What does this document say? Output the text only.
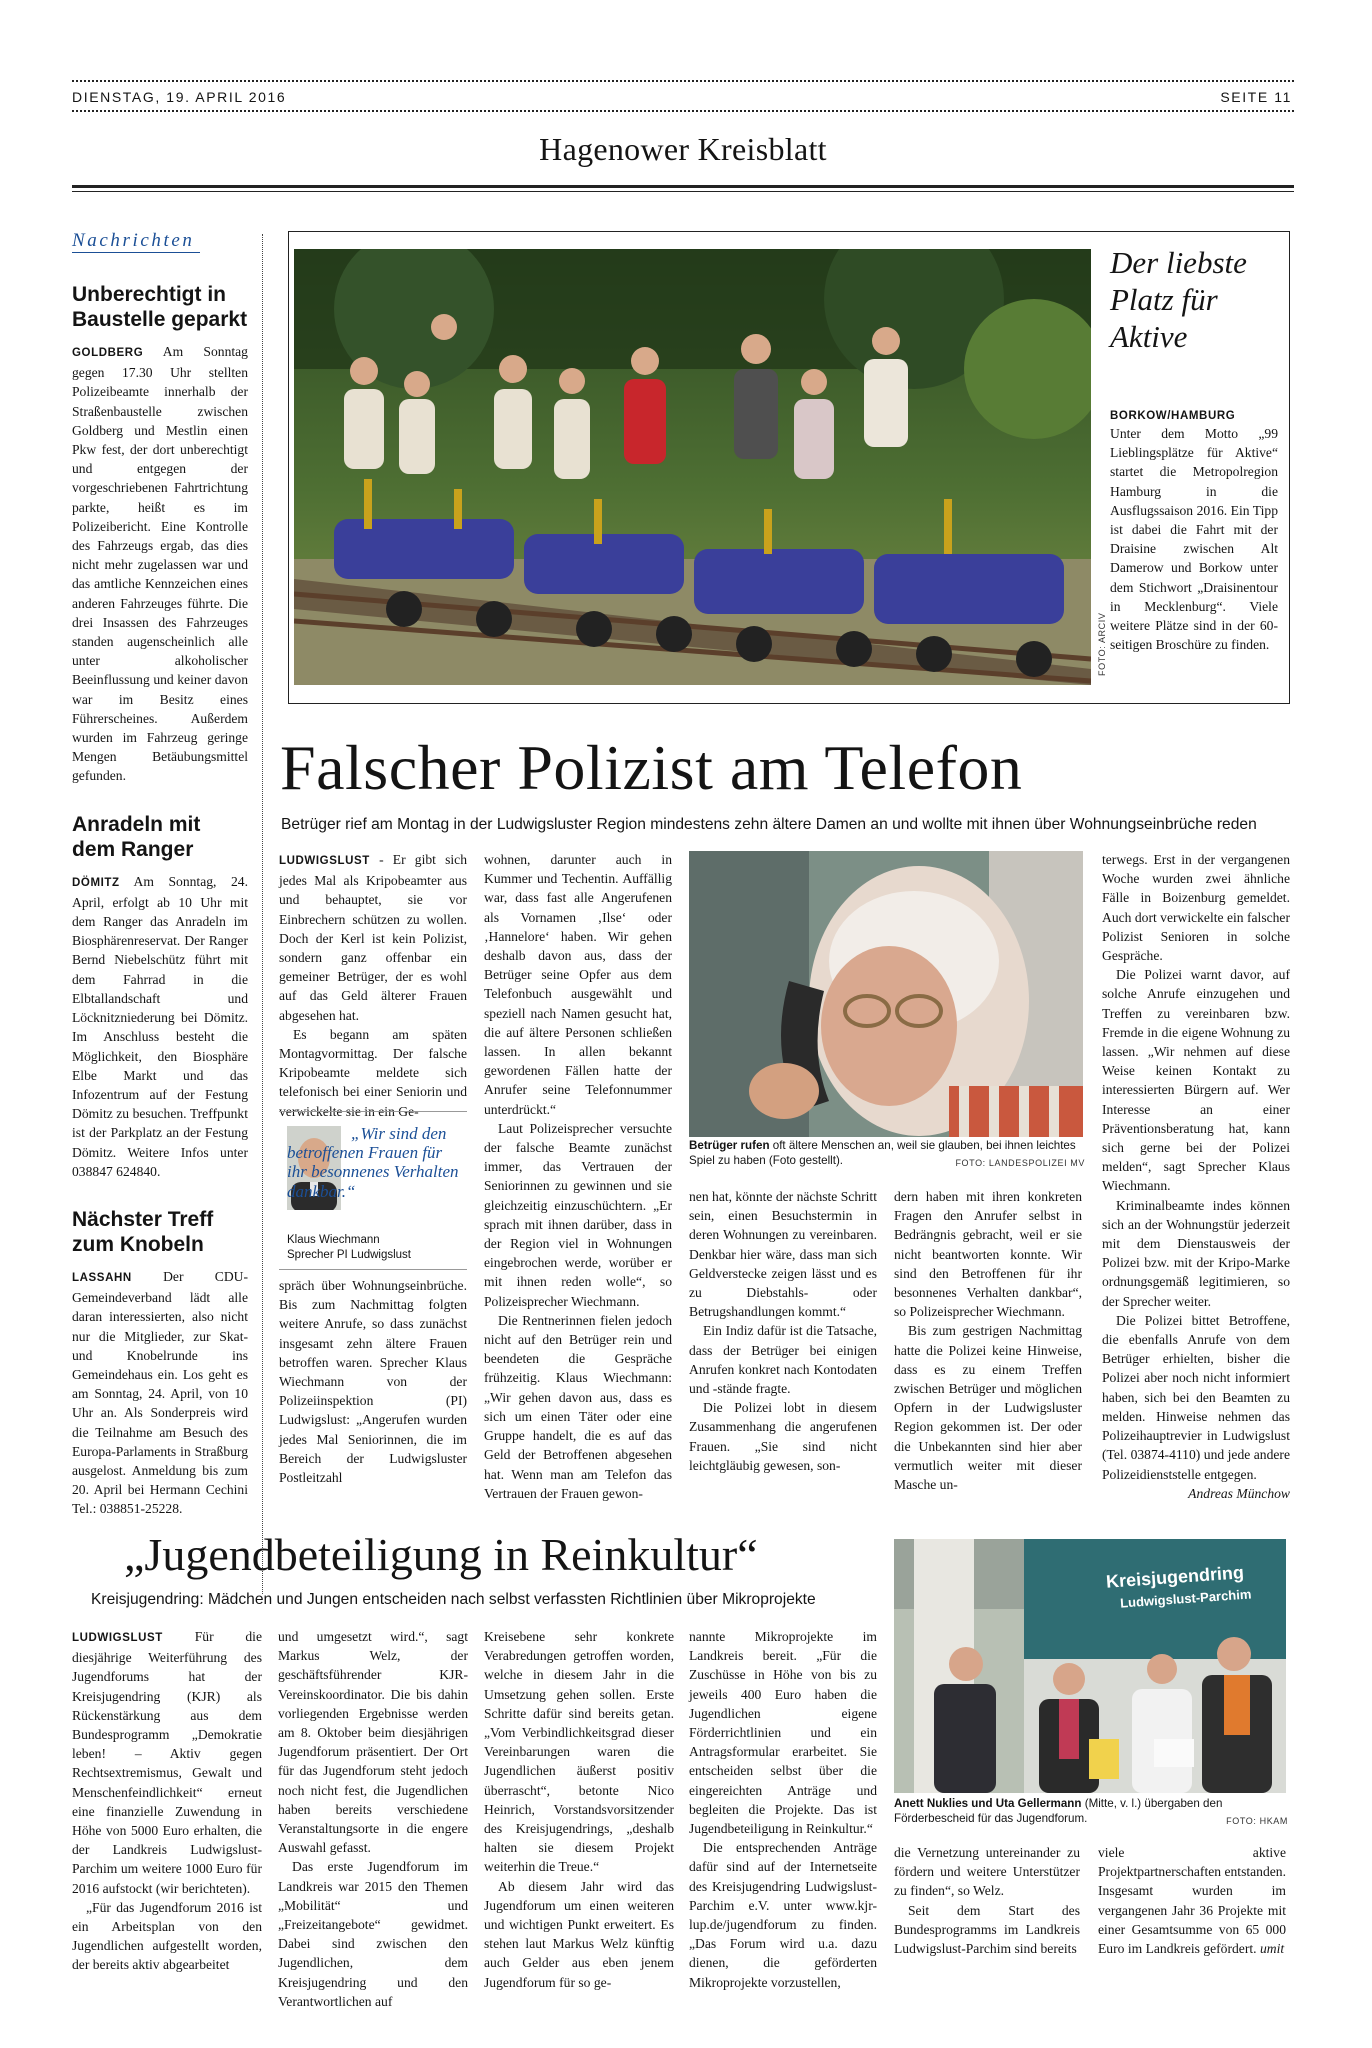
DIENSTAG, 19. APRIL 2016	SEITE 11
Hagenower Kreisblatt
Nachrichten
Unberechtigt in Baustelle geparkt

GOLDBERG Am Sonntag gegen 17.30 Uhr stellten Polizeibeamte innerhalb der Straßenbaustelle zwischen Goldberg und Mestlin einen Pkw fest, der dort unberechtigt und entgegen der vorgeschriebenen Fahrtrichtung parkte, heißt es im Polizeibericht. Eine Kontrolle des Fahrzeugs ergab, das dies nicht mehr zugelassen war und das amtliche Kennzeichen eines anderen Fahrzeuges führte. Die drei Insassen des Fahrzeuges standen augenscheinlich alle unter alkoholischer Beeinflussung und keiner davon war im Besitz eines Führerscheines. Außerdem wurden im Fahrzeug geringe Mengen Betäubungsmittel gefunden.

Anradeln mit dem Ranger

DÖMITZ Am Sonntag, 24. April, erfolgt ab 10 Uhr mit dem Ranger das Anradeln im Biosphärenreservat. Der Ranger Bernd Niebelschütz führt mit dem Fahrrad in die Elbtallandschaft und Löcknitzniederung bei Dömitz. Im Anschluss besteht die Möglichkeit, den Biosphäre Elbe Markt und das Infozentrum auf der Festung Dömitz zu besuchen. Treffpunkt ist der Parkplatz an der Festung Dömitz. Weitere Infos unter 038847 624840.

Nächster Treff zum Knobeln

LASSAHN Der CDU-Gemeindeverband lädt alle daran interessierten, also nicht nur die Mitglieder, zur Skat- und Knobelrunde ins Gemeindehaus ein. Los geht es am Sonntag, 24. April, von 10 Uhr an. Als Sonderpreis wird die Teilnahme am Besuch des Europa-Parlaments in Straßburg ausgelost. Anmeldung bis zum 20. April bei Hermann Cechini Tel.: 038851-25228.

FOTO: ARCIV
Der liebste Platz für Aktive
BORKOW/HAMBURG

Unter dem Motto „99 Lieblingsplätze für Aktive“ startet die Metropolregion Hamburg in die Ausflugssaison 2016. Ein Tipp ist dabei die Fahrt mit der Draisine zwischen Alt Damerow und Borkow unter dem Stichwort „Draisinentour in Mecklenburg“. Viele weitere Plätze sind in der 60-seitigen Broschüre zu finden.

Falscher Polizist am Telefon
Betrüger rief am Montag in der Ludwigsluster Region mindestens zehn ältere Damen an und wollte mit ihnen über Wohnungseinbrüche reden

LUDWIGSLUST - Er gibt sich jedes Mal als Kripobeamter aus und behauptet, sie vor Einbrechern schützen zu wollen. Doch der Kerl ist kein Polizist, sondern ganz offenbar ein gemeiner Betrüger, der es wohl auf das Geld älterer Frauen abgesehen hat.

Es begann am späten Montagvormittag. Der falsche Kripobeamte meldete sich telefonisch bei einer Seniorin und verwickelte sie in ein Ge-

„Wir sind den betroffenen Frauen für ihr besonnenes Verhalten dankbar.“
Klaus Wiechmann
Sprecher PI Ludwigslust

spräch über Wohnungseinbrüche. Bis zum Nachmittag folgten weitere Anrufe, so dass zunächst insgesamt zehn ältere Frauen betroffen waren. Sprecher Klaus Wiechmann von der Polizeiinspektion (PI) Ludwigslust: „Angerufen wurden jedes Mal Seniorinnen, die im Bereich der Ludwigsluster Postleitzahl

wohnen, darunter auch in Kummer und Techentin. Auffällig war, dass fast alle Angerufenen als Vornamen ‚Ilse‘ oder ‚Hannelore‘ haben. Wir gehen deshalb davon aus, dass der Betrüger seine Opfer aus dem Telefonbuch ausgewählt und speziell nach Namen gesucht hat, die auf ältere Personen schließen lassen. In allen bekannt gewordenen Fällen hatte der Anrufer seine Telefonnummer unterdrückt.“

Laut Polizeisprecher versuchte der falsche Beamte zunächst immer, das Vertrauen der Seniorinnen zu gewinnen und sie gleichzeitig einzuschüchtern. „Er sprach mit ihnen darüber, dass in der Region viel in Wohnungen eingebrochen werde, worüber er mit ihnen reden wolle“, so Polizeisprecher Wiechmann.

Die Rentnerinnen fielen jedoch nicht auf den Betrüger rein und beendeten die Gespräche frühzeitig. Klaus Wiechmann: „Wir gehen davon aus, dass es sich um einen Täter oder eine Gruppe handelt, die es auf das Geld der Betroffenen abgesehen hat. Wenn man am Telefon das Vertrauen der Frauen gewon-

Betrüger rufen oft ältere Menschen an, weil sie glauben, bei ihnen leichtes Spiel zu haben (Foto gestellt).	FOTO: LANDESPOLIZEI MV

nen hat, könnte der nächste Schritt sein, einen Besuchstermin in deren Wohnungen zu vereinbaren. Denkbar hier wäre, dass man sich Geldverstecke zeigen lässt und es zu Diebstahls- oder Betrugshandlungen kommt.“

Ein Indiz dafür ist die Tatsache, dass der Betrüger bei einigen Anrufen konkret nach Kontodaten und -stände fragte.

Die Polizei lobt in diesem Zusammenhang die angerufenen Frauen. „Sie sind nicht leichtgläubig gewesen, son-

dern haben mit ihren konkreten Fragen den Anrufer selbst in Bedrängnis gebracht, weil er sie nicht beantworten konnte. Wir sind den Betroffenen für ihr besonnenes Verhalten dankbar“, so Polizeisprecher Wiechmann.

Bis zum gestrigen Nachmittag hatte die Polizei keine Hinweise, dass es zu einem Treffen zwischen Betrüger und möglichen Opfern in der Ludwigsluster Region gekommen ist. Der oder die Unbekannten sind hier aber vermutlich weiter mit dieser Masche un-

terwegs. Erst in der vergangenen Woche wurden zwei ähnliche Fälle in Boizenburg gemeldet. Auch dort verwickelte ein falscher Polizist Senioren in solche Gespräche.

Die Polizei warnt davor, auf solche Anrufe einzugehen und Treffen zu vereinbaren bzw. Fremde in die eigene Wohnung zu lassen. „Wir nehmen auf diese Weise keinen Kontakt zu interessierten Bürgern auf. Wer Interesse an einer Präventionsberatung hat, kann sich gerne bei der Polizei melden“, sagt Sprecher Klaus Wiechmann.

Kriminalbeamte indes können sich an der Wohnungstür jederzeit mit dem Dienstausweis der Polizei bzw. mit der Kripo-Marke ordnungsgemäß legitimieren, so der Sprecher weiter.

Die Polizei bittet Betroffene, die ebenfalls Anrufe von dem Betrüger erhielten, bisher die Polizei aber noch nicht informiert haben, sich bei den Beamten zu melden. Hinweise nehmen das Polizeihauptrevier in Ludwigslust (Tel. 03874-4110) und jede andere Polizeidienststelle entgegen.

Andreas Münchow
„Jugendbeteiligung in Reinkultur“
Kreisjugendring: Mädchen und Jungen entscheiden nach selbst verfassten Richtlinien über Mikroprojekte

LUDWIGSLUST Für die diesjährige Weiterführung des Jugendforums hat der Kreisjugendring (KJR) als Rückenstärkung aus dem Bundesprogramm „Demokratie leben! – Aktiv gegen Rechtsextremismus, Gewalt und Menschenfeindlichkeit“ erneut eine finanzielle Zuwendung in Höhe von 5000 Euro erhalten, die der Landkreis Ludwigslust-Parchim um weitere 1000 Euro für 2016 aufstockt (wir berichteten).

„Für das Jugendforum 2016 ist ein Arbeitsplan von den Jugendlichen aufgestellt worden, der bereits aktiv abgearbeitet

und umgesetzt wird.“, sagt Markus Welz, der geschäftsführender KJR-Vereinskoordinator. Die bis dahin vorliegenden Ergebnisse werden am 8. Oktober beim diesjährigen Jugendforum präsentiert. Der Ort für das Jugendforum steht jedoch noch nicht fest, die Jugendlichen haben bereits verschiedene Veranstaltungsorte in die engere Auswahl gefasst.

Das erste Jugendforum im Landkreis war 2015 den Themen „Mobilität“ und „Freizeitangebote“ gewidmet. Dabei sind zwischen den Jugendlichen, dem Kreisjugendring und den Verantwortlichen auf

Kreisebene sehr konkrete Verabredungen getroffen worden, welche in diesem Jahr in die Umsetzung gehen sollen. Erste Schritte dafür sind bereits getan. „Vom Verbindlichkeitsgrad dieser Vereinbarungen waren die Jugendlichen äußerst positiv überrascht“, betonte Nico Heinrich, Vorstandsvorsitzender des Kreisjugendrings, „deshalb halten sie diesem Projekt weiterhin die Treue.“

Ab diesem Jahr wird das Jugendforum um einen weiteren und wichtigen Punkt erweitert. Es stehen laut Markus Welz künftig auch Gelder aus eben jenem Jugendforum für so ge-

nannte Mikroprojekte im Landkreis bereit. „Für die Zuschüsse in Höhe von bis zu jeweils 400 Euro haben die Jugendlichen eigene Förderrichtlinien und ein Antragsformular erarbeitet. Sie entscheiden selbst über die eingereichten Anträge und begleiten die Projekte. Das ist Jugendbeteiligung in Reinkultur.“

Die entsprechenden Anträge dafür sind auf der Internetseite des Kreisjugendring Ludwigslust-Parchim e.V. unter www.kjr-lup.de/jugendforum zu finden. „Das Forum wird u.a. dazu dienen, die geförderten Mikroprojekte vorzustellen,

Kreisjugendring
Ludwigslust-Parchim
Anett Nuklies und Uta Gellermann (Mitte, v. l.) übergaben den Förderbescheid für das Jugendforum.	FOTO: HKAM

die Vernetzung untereinander zu fördern und weitere Unterstützer zu finden“, so Welz.

Seit dem Start des Bundesprogramms im Landkreis Ludwigslust-Parchim sind bereits

viele aktive Projektpartnerschaften entstanden. Insgesamt wurden im vergangenen Jahr 36 Projekte mit einer Gesamtsumme von 65 000 Euro im Landkreis gefördert. umit
